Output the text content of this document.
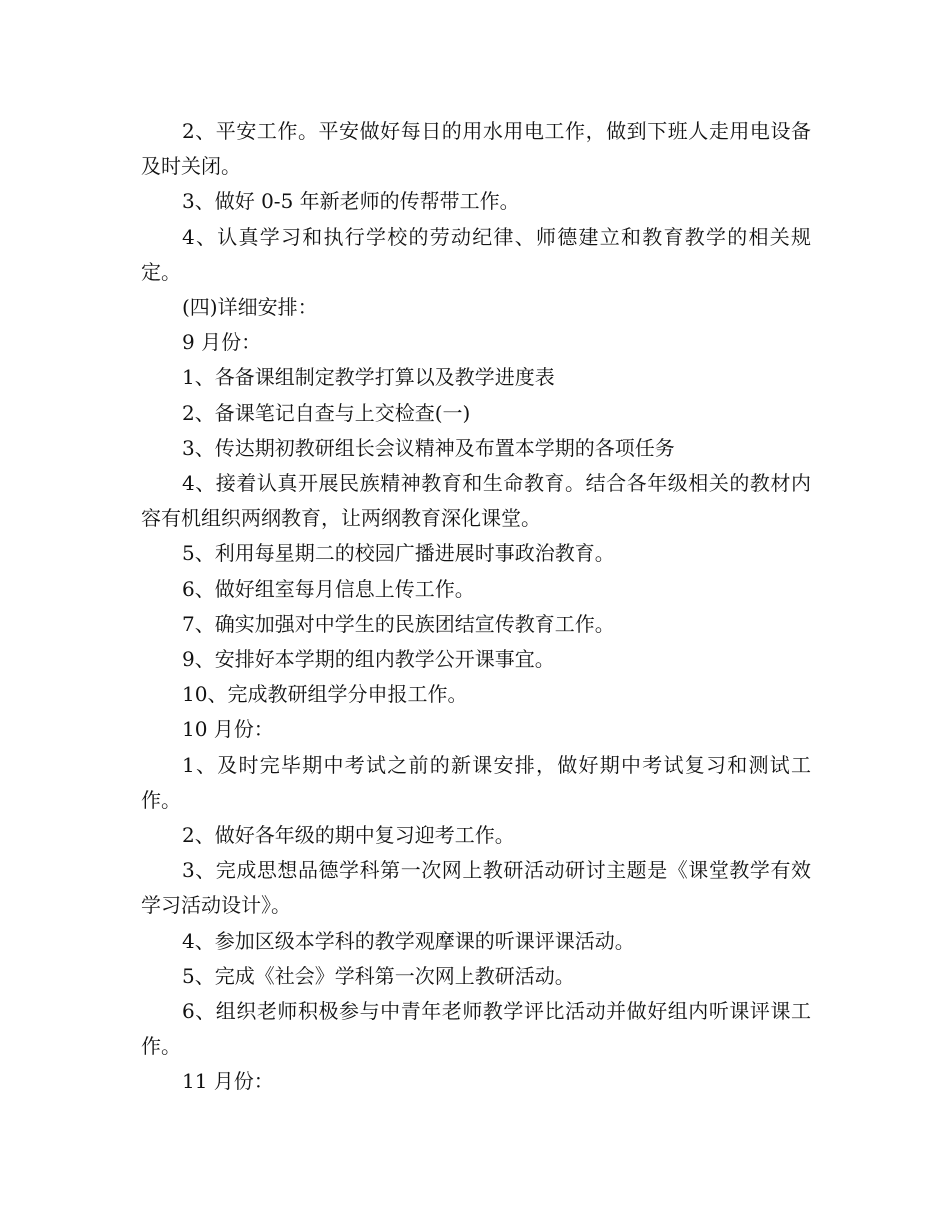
2、平安工作。平安做好每日的用水用电工作，做到下班人走用电设备及时关闭。

3、做好 0-5 年新老师的传帮带工作。

4、认真学习和执行学校的劳动纪律、师德建立和教育教学的相关规定。

(四)详细安排：

9 月份：

1、各备课组制定教学打算以及教学进度表

2、备课笔记自查与上交检查(一)

3、传达期初教研组长会议精神及布置本学期的各项任务

4、接着认真开展民族精神教育和生命教育。结合各年级相关的教材内容有机组织两纲教育，让两纲教育深化课堂。

5、利用每星期二的校园广播进展时事政治教育。

6、做好组室每月信息上传工作。

7、确实加强对中学生的民族团结宣传教育工作。

9、安排好本学期的组内教学公开课事宜。

10、完成教研组学分申报工作。

10 月份：

1、及时完毕期中考试之前的新课安排，做好期中考试复习和测试工作。

2、做好各年级的期中复习迎考工作。

3、完成思想品德学科第一次网上教研活动研讨主题是《课堂教学有效学习活动设计》。

4、参加区级本学科的教学观摩课的听课评课活动。

5、完成《社会》学科第一次网上教研活动。

6、组织老师积极参与中青年老师教学评比活动并做好组内听课评课工作。

11 月份：
